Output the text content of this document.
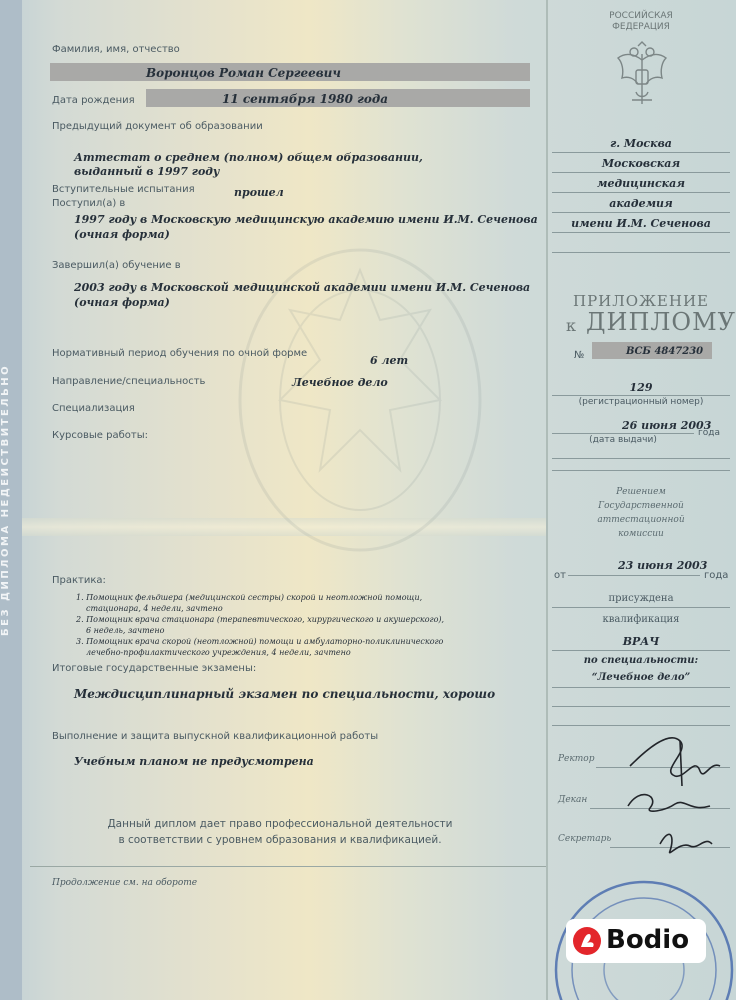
БЕЗ ДИПЛОМА НЕДЕЙСТВИТЕЛЬНО
Фамилия, имя, отчество
Воронцов Роман Сергеевич
Дата рождения	11 сентября 1980 года
Предыдущий документ об образовании
Аттестат о среднем (полном) общем образовании,
выданный в 1997 году
Вступительные испытания	прошел
Поступил(а) в
1997 году в Московскую медицинскую академию имени И.М. Сеченова
(очная форма)
Завершил(а) обучение в
2003 году в Московской медицинской академии имени И.М. Сеченова
(очная форма)
Нормативный период обучения по очной форме
6 лет
Направление/специальность	Лечебное дело
Специализация
Курсовые работы:
Практика:
1. Помощник фельдшера (медицинской сестры) скорой и неотложной помощи,
стационара, 4 недели, зачтено
2. Помощник врача стационара (терапевтического, хирургического и акушерского),
6 недель, зачтено
3. Помощник врача скорой (неотложной) помощи и амбулаторно-поликлинического
лечебно-профилактического учреждения, 4 недели, зачтено
Итоговые государственные экзамены:
Междисциплинарный экзамен по специальности, хорошо
Выполнение и защита выпускной квалификационной работы
Учебным планом не предусмотрена
Данный диплом дает право профессиональной деятельности
в соответствии с уровнем образования и квалификацией.
Продолжение см. на обороте
РОССИЙСКАЯ
ФЕДЕРАЦИЯ
г. Москва
Московская
медицинская
академия
имени И.М. Сеченова
ПРИЛОЖЕНИЕ
к ДИПЛОМУ
№	ВСБ 4847230
129
(регистрационный номер)
26 июня 2003
года
(дата выдачи)
Решением
Государственной
аттестационной
комиссии
от
23 июня 2003
года
присуждена
квалификация
ВРАЧ
по специальности:
“Лечебное дело”
Ректор
Декан
Секретарь
Bodio
